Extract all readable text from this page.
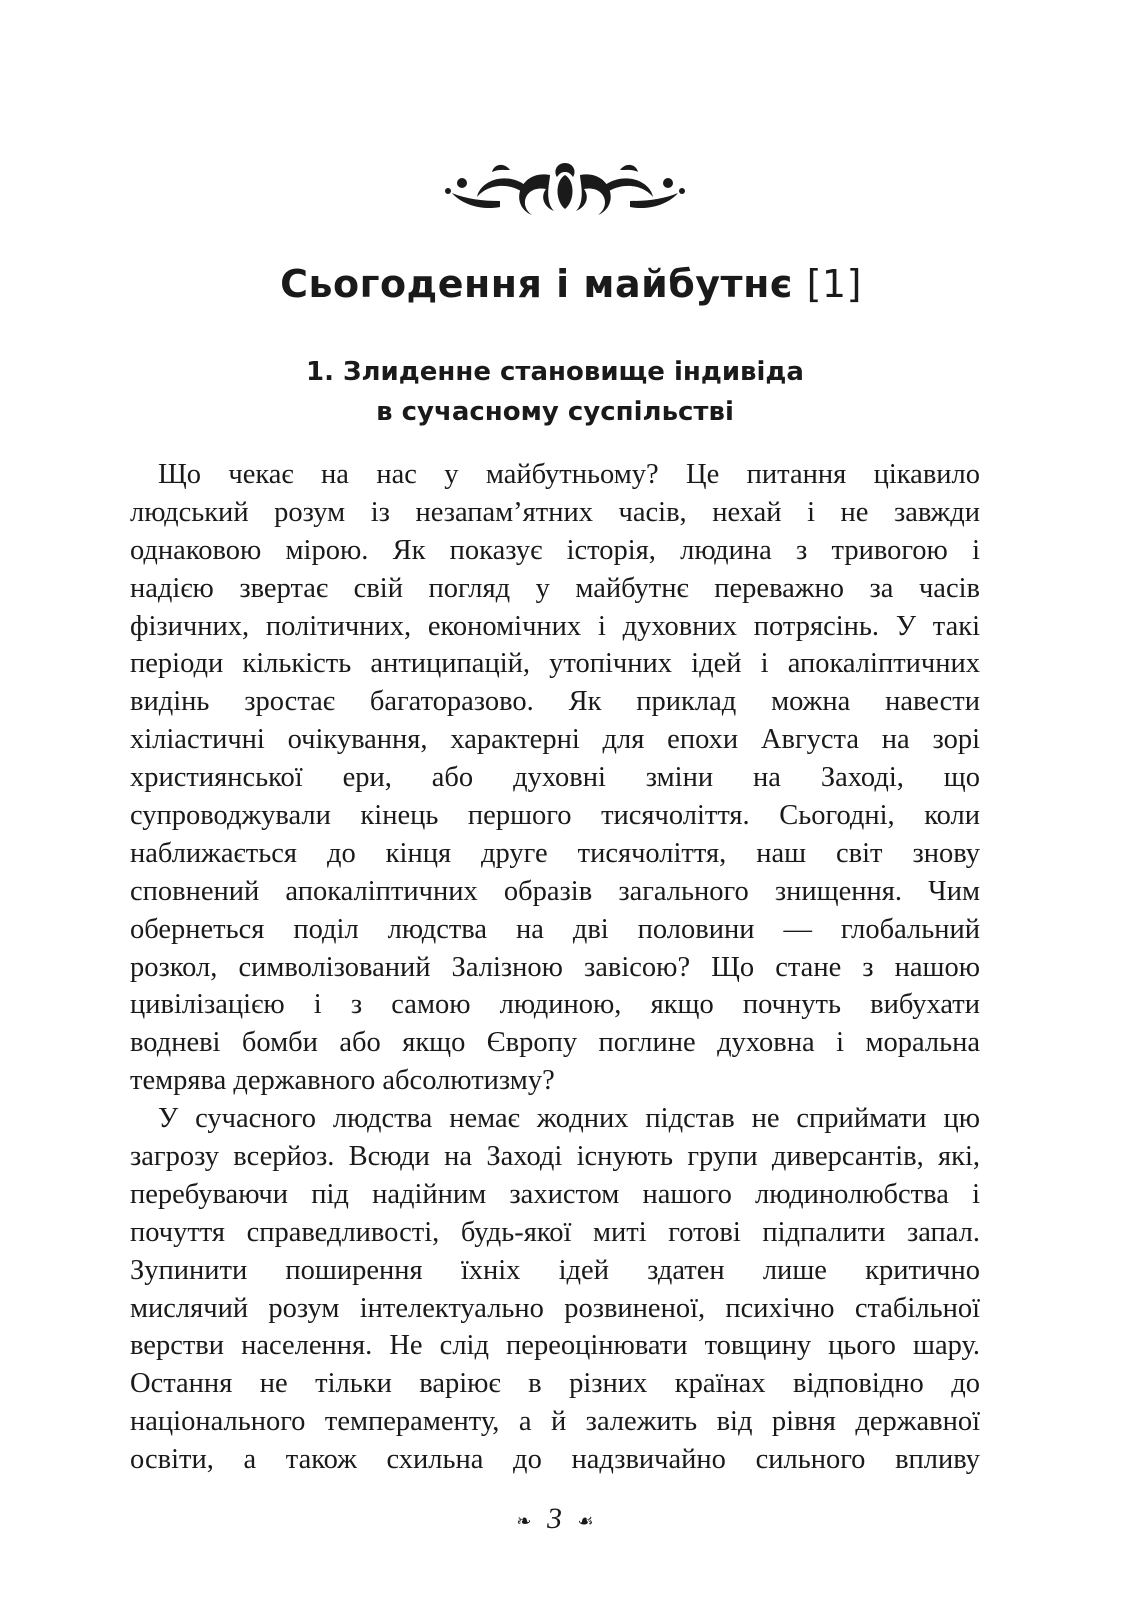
Сьогодення і майбутнє [1]
1. Злиденне становище індивіда
в сучасному суспільстві
Що чекає на нас у майбутньому? Це питання цікавило
людський розум із незапам’ятних часів, нехай і не завжди
однаковою мірою. Як показує історія, людина з тривогою і
надією звертає свій погляд у майбутнє переважно за часів
фізичних, політичних, економічних і духовних потрясінь. У такі
періоди кількість антиципацій, утопічних ідей і апокаліптичних
видінь зростає багаторазово. Як приклад можна навести
хіліастичні очікування, характерні для епохи Августа на зорі
християнської ери, або духовні зміни на Заході, що
супроводжували кінець першого тисячоліття. Сьогодні, коли
наближається до кінця друге тисячоліття, наш світ знову
сповнений апокаліптичних образів загального знищення. Чим
обернеться поділ людства на дві половини — глобальний
розкол, символізований Залізною завісою? Що стане з нашою
цивілізацією і з самою людиною, якщо почнуть вибухати
водневі бомби або якщо Європу поглине духовна і моральна
темрява державного абсолютизму?
У сучасного людства немає жодних підстав не сприймати цю
загрозу всерйоз. Всюди на Заході існують групи диверсантів, які,
перебуваючи під надійним захистом нашого людинолюбства і
почуття справедливості, будь-якої миті готові підпалити запал.
Зупинити поширення їхніх ідей здатен лише критично
мислячий розум інтелектуально розвиненої, психічно стабільної
верстви населення. Не слід переоцінювати товщину цього шару.
Остання не тільки варіює в різних країнах відповідно до
національного темпераменту, а й залежить від рівня державної
освіти, а також схильна до надзвичайно сильного впливу
❧ 3 ☙
